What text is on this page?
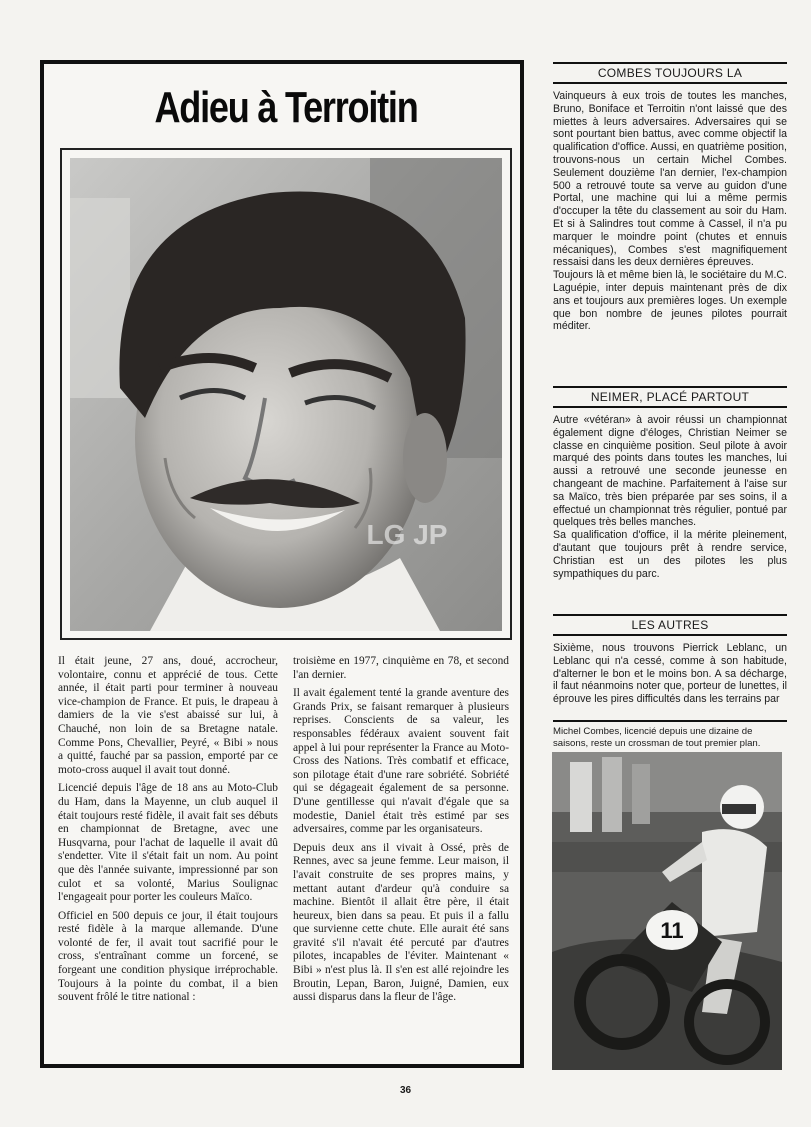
Adieu à Terroitin
LG JP

Il était jeune, 27 ans, doué, accrocheur, volontaire, connu et apprécié de tous. Cette année, il était parti pour terminer à nouveau vice-champion de France. Et puis, le drapeau à damiers de la vie s'est abaissé sur lui, à Chauché, non loin de sa Bretagne natale. Comme Pons, Chevallier, Peyré, « Bibi » nous a quitté, fauché par sa passion, emporté par ce moto-cross auquel il avait tout donné.

Licencié depuis l'âge de 18 ans au Moto-Club du Ham, dans la Mayenne, un club auquel il était toujours resté fidèle, il avait fait ses débuts en championnat de Bretagne, avec une Husqvarna, pour l'achat de laquelle il avait dû s'endetter. Vite il s'était fait un nom. Au point que dès l'année suivante, impressionné par son culot et sa volonté, Marius Soulignac l'engageait pour porter les couleurs Maïco.

Officiel en 500 depuis ce jour, il était toujours resté fidèle à la marque allemande. D'une volonté de fer, il avait tout sacrifié pour le cross, s'entraînant comme un forcené, se forgeant une condition physique irréprochable. Toujours à la pointe du combat, il a bien souvent frôlé le titre national :

troisième en 1977, cinquième en 78, et second l'an dernier.

Il avait également tenté la grande aventure des Grands Prix, se faisant remarquer à plusieurs reprises. Conscients de sa valeur, les responsables fédéraux avaient souvent fait appel à lui pour représenter la France au Moto-Cross des Nations. Très combatif et efficace, son pilotage était d'une rare sobriété. Sobriété qui se dégageait également de sa personne. D'une gentillesse qui n'avait d'égale que sa modestie, Daniel était très estimé par ses adversaires, comme par les organisateurs.

Depuis deux ans il vivait à Ossé, près de Rennes, avec sa jeune femme. Leur maison, il l'avait construite de ses propres mains, y mettant autant d'ardeur qu'à conduire sa machine. Bientôt il allait être père, il était heureux, bien dans sa peau. Et puis il a fallu que survienne cette chute. Elle aurait été sans gravité s'il n'avait été percuté par d'autres pilotes, incapables de l'éviter. Maintenant « Bibi » n'est plus là. Il s'en est allé rejoindre les Broutin, Lepan, Baron, Juigné, Damien, eux aussi disparus dans la fleur de l'âge.

COMBES TOUJOURS LA

Vainqueurs à eux trois de toutes les manches, Bruno, Boniface et Terroitin n'ont laissé que des miettes à leurs adversaires. Adversaires qui se sont pourtant bien battus, avec comme objectif la qualification d'office. Aussi, en quatrième position, trouvons-nous un certain Michel Combes. Seulement douzième l'an dernier, l'ex-champion 500 a retrouvé toute sa verve au guidon d'une Portal, une machine qui lui a même permis d'occuper la tête du classement au soir du Ham. Et si à Salindres tout comme à Cassel, il n'a pu marquer le moindre point (chutes et ennuis mécaniques), Combes s'est magnifiquement ressaisi dans les deux dernières épreuves.

Toujours là et même bien là, le sociétaire du M.C. Laguépie, inter depuis maintenant près de dix ans et toujours aux premières loges. Un exemple que bon nombre de jeunes pilotes pourrait méditer.

NEIMER, PLACÉ PARTOUT

Autre «vétéran» à avoir réussi un championnat également digne d'éloges, Christian Neimer se classe en cinquième position. Seul pilote à avoir marqué des points dans toutes les manches, lui aussi a retrouvé une seconde jeunesse en changeant de machine. Parfaitement à l'aise sur sa Maïco, très bien préparée par ses soins, il a effectué un championnat très régulier, pontué par quelques très belles manches.

Sa qualification d'office, il la mérite pleinement, d'autant que toujours prêt à rendre service, Christian est un des pilotes les plus sympathiques du parc.

LES AUTRES

Sixième, nous trouvons Pierrick Leblanc, un Leblanc qui n'a cessé, comme à son habitude, d'alterner le bon et le moins bon. A sa décharge, il faut néanmoins noter que, porteur de lunettes, il éprouve les pires difficultés dans les terrains par

Michel Combes, licencié depuis une dizaine de saisons, reste un crossman de tout premier plan.
11
36
